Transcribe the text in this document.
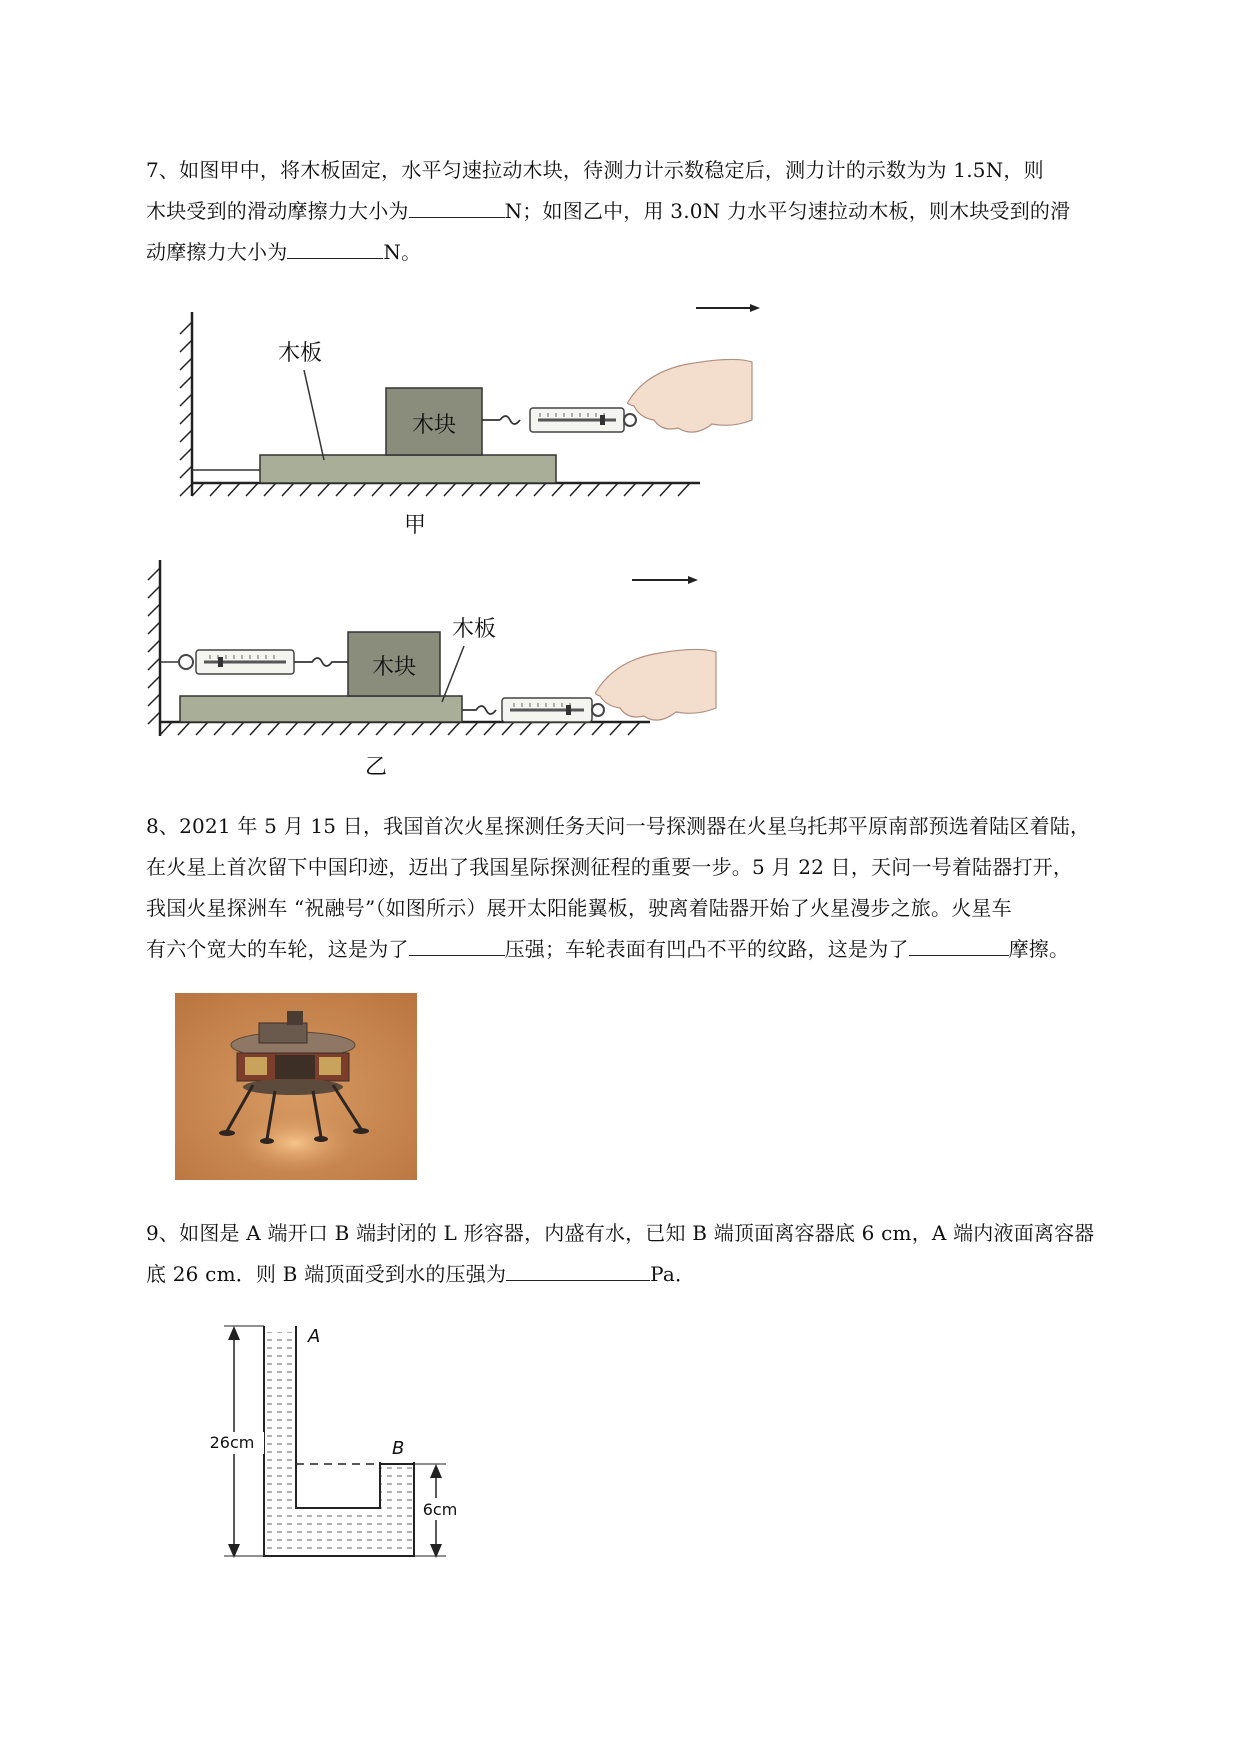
7、如图甲中，将木板固定，水平匀速拉动木块，待测力计示数稳定后，测力计的示数为为 1.5N，则

木块受到的滑动摩擦力大小为	N；如图乙中，用 3.0N 力水平匀速拉动木板，则木块受到的滑

动摩擦力大小为	N。

木块
木板
甲
木块
木板
乙

8、2021 年 5 月 15 日，我国首次火星探测任务天问一号探测器在火星乌托邦平原南部预选着陆区着陆，

在火星上首次留下中国印迹，迈出了我国星际探测征程的重要一步。5 月 22 日，天问一号着陆器打开，

我国火星探洲车 “祝融号”（如图所示）展开太阳能翼板，驶离着陆器开始了火星漫步之旅。火星车

有六个宽大的车轮，这是为了	压强；车轮表面有凹凸不平的纹路，这是为了	摩擦。

9、如图是 A 端开口 B 端封闭的 L 形容器，内盛有水，已知 B 端顶面离容器底 6 cm，A 端内液面离容器

底 26 cm．则 B 端顶面受到水的压强为	Pa．

A
B
26cm
6cm
